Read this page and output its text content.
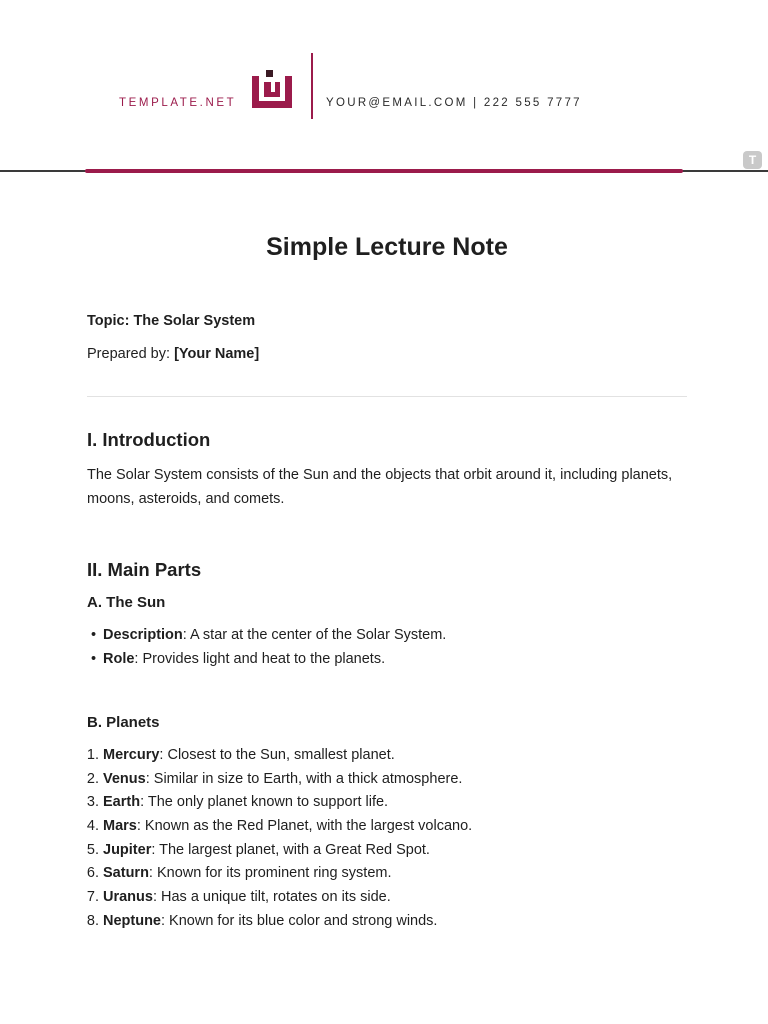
TEMPLATE.NET	YOUR@EMAIL.COM | 222 555 7777
T
Simple Lecture Note

Topic: The Solar System

Prepared by: [Your Name]

I. Introduction

The Solar System consists of the Sun and the objects that orbit around it, including planets, moons, asteroids, and comets.

II. Main Parts
A. The Sun
• Description: A star at the center of the Solar System.
• Role: Provides light and heat to the planets.
B. Planets
1. Mercury: Closest to the Sun, smallest planet.
2. Venus: Similar in size to Earth, with a thick atmosphere.
3. Earth: The only planet known to support life.
4. Mars: Known as the Red Planet, with the largest volcano.
5. Jupiter: The largest planet, with a Great Red Spot.
6. Saturn: Known for its prominent ring system.
7. Uranus: Has a unique tilt, rotates on its side.
8. Neptune: Known for its blue color and strong winds.
